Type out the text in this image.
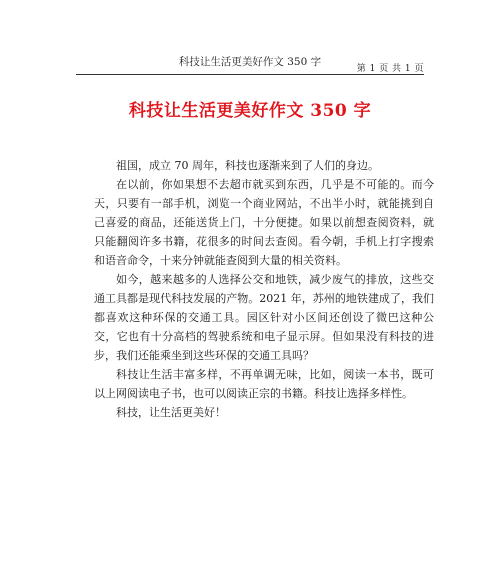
科技让生活更美好作文 350 字
第 1 页 共 1 页
科技让生活更美好作文 350 字

祖国，成立 70 周年，科技也逐渐来到了人们的身边。

在以前，你如果想不去超市就买到东西，几乎是不可能的。而今天，只要有一部手机，浏览一个商业网站，不出半小时，就能挑到自己喜爱的商品，还能送货上门，十分便捷。如果以前想查阅资料，就只能翻阅许多书籍，花很多的时间去查阅。看今朝，手机上打字搜索和语音命令，十来分钟就能查阅到大量的相关资料。

如今，越来越多的人选择公交和地铁，减少废气的排放，这些交通工具都是现代科技发展的产物。2021 年，苏州的地铁建成了，我们都喜欢这种环保的交通工具。园区针对小区间还创设了微巴这种公交，它也有十分高档的驾驶系统和电子显示屏。但如果没有科技的进步，我们还能乘坐到这些环保的交通工具吗？

科技让生活丰富多样，不再单调无味，比如，阅读一本书，既可以上网阅读电子书，也可以阅读正宗的书籍。科技让选择多样性。

科技，让生活更美好！
